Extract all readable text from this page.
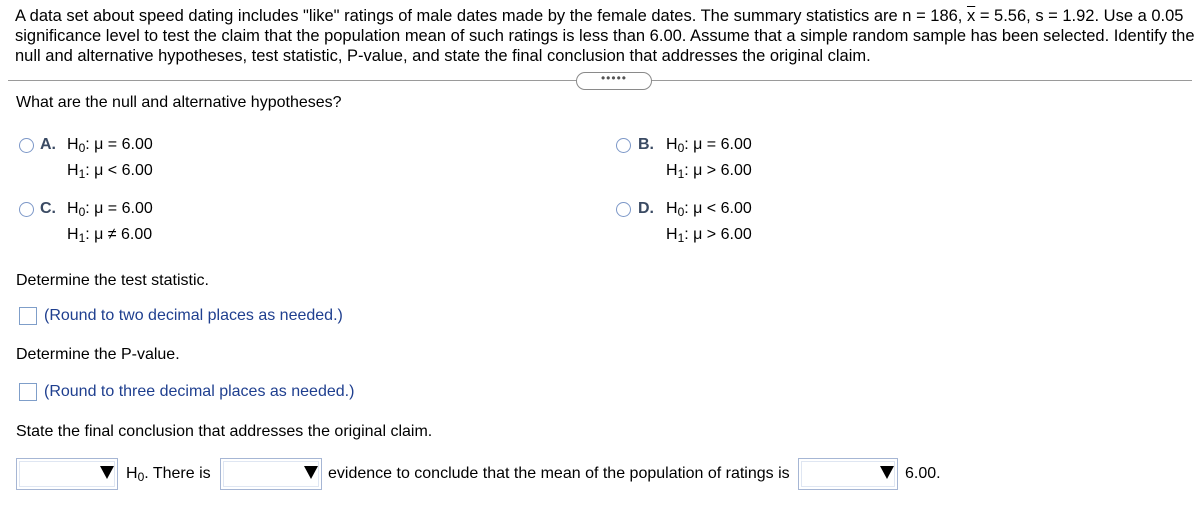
A data set about speed dating includes "like" ratings of male dates made by the female dates. The summary statistics are n = 186, $\overline{x} = 5.56$, s = 1.92. Use a 0.05 significance level to test the claim that the population mean of such ratings is less than 6.00. Assume that a simple random sample has been selected. Identify the null and alternative hypotheses, test statistic, P-value, and state the final conclusion that addresses the original claim.
•••••
What are the null and alternative hypotheses?
A. $H_0$: μ = 6.00
$H_1$: μ < 6.00
B. $H_0$: μ = 6.00
$H_1$: μ > 6.00
C. $H_0$: μ = 6.00
$H_1$: μ ≠ 6.00
D. $H_0$: μ < 6.00
$H_1$: μ > 6.00
Determine the test statistic.
(Round to two decimal places as needed.)
Determine the P-value.
(Round to three decimal places as needed.)
State the final conclusion that addresses the original claim.
$H_0$. There is	evidence to conclude that the mean of the population of ratings is	6.00.
